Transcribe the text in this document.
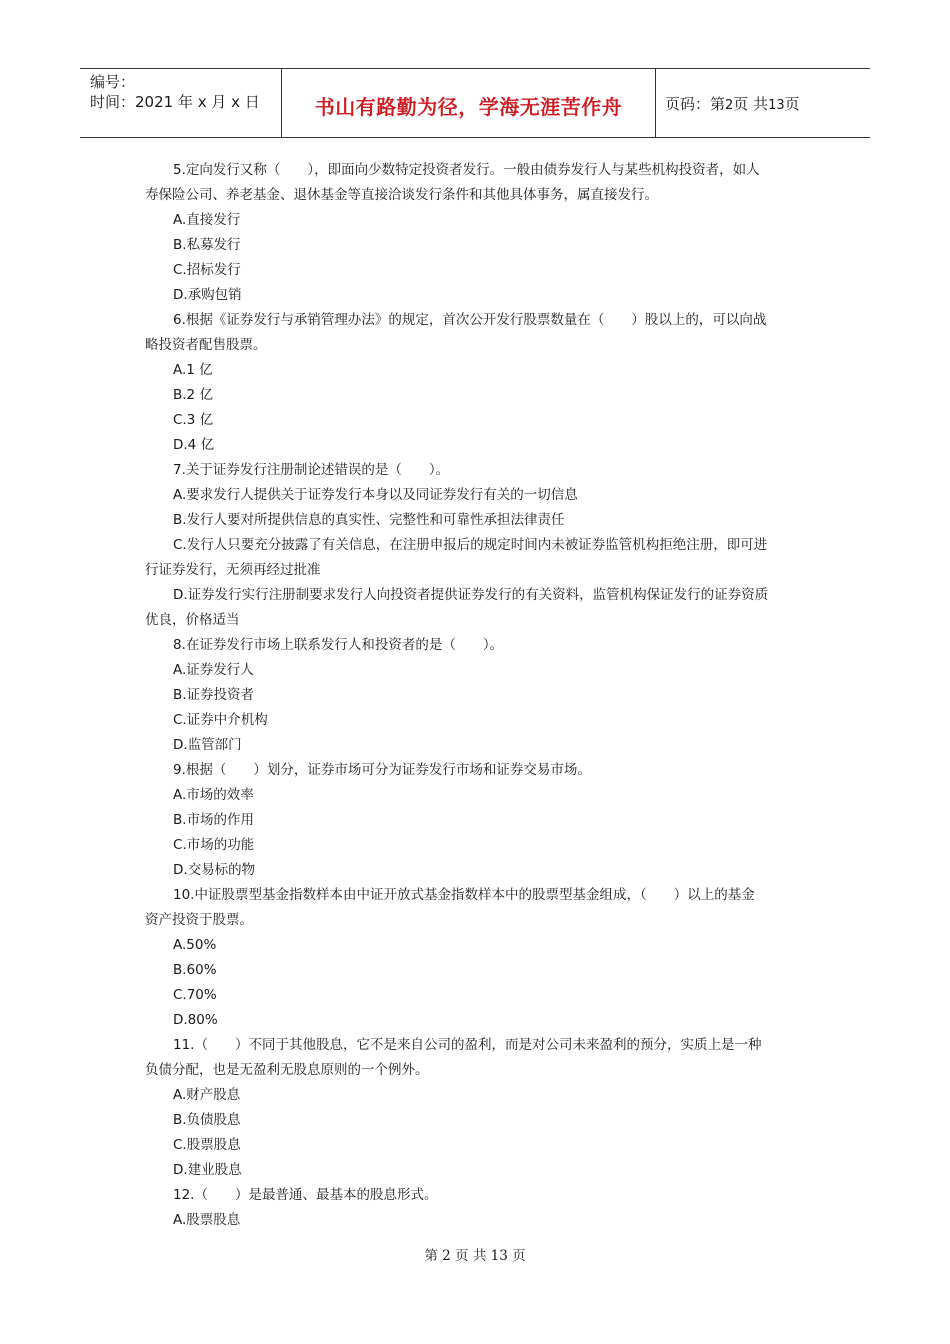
编号：
时间：2021 年 x 月 x 日	书山有路勤为径，学海无涯苦作舟	页码：第2页 共13页
5.定向发行又称（　　），即面向少数特定投资者发行。一般由债券发行人与某些机构投资者，如人
寿保险公司、养老基金、退休基金等直接洽谈发行条件和其他具体事务，属直接发行。
A.直接发行
B.私募发行
C.招标发行
D.承购包销
6.根据《证券发行与承销管理办法》的规定，首次公开发行股票数量在（　　）股以上的，可以向战
略投资者配售股票。
A.1 亿
B.2 亿
C.3 亿
D.4 亿
7.关于证券发行注册制论述错误的是（　　）。
A.要求发行人提供关于证券发行本身以及同证券发行有关的一切信息
B.发行人要对所提供信息的真实性、完整性和可靠性承担法律责任
C.发行人只要充分披露了有关信息，在注册申报后的规定时间内未被证券监管机构拒绝注册，即可进
行证券发行，无须再经过批准
D.证券发行实行注册制要求发行人向投资者提供证券发行的有关资料，监管机构保证发行的证券资质
优良，价格适当
8.在证券发行市场上联系发行人和投资者的是（　　）。
A.证券发行人
B.证券投资者
C.证券中介机构
D.监管部门
9.根据（　　）划分，证券市场可分为证券发行市场和证券交易市场。
A.市场的效率
B.市场的作用
C.市场的功能
D.交易标的物
10.中证股票型基金指数样本由中证开放式基金指数样本中的股票型基金组成，（　　）以上的基金
资产投资于股票。
A.50%
B.60%
C.70%
D.80%
11.（　　）不同于其他股息，它不是来自公司的盈利，而是对公司未来盈利的预分，实质上是一种
负债分配，也是无盈利无股息原则的一个例外。
A.财产股息
B.负债股息
C.股票股息
D.建业股息
12.（　　）是最普通、最基本的股息形式。
A.股票股息
第 2 页 共 13 页
